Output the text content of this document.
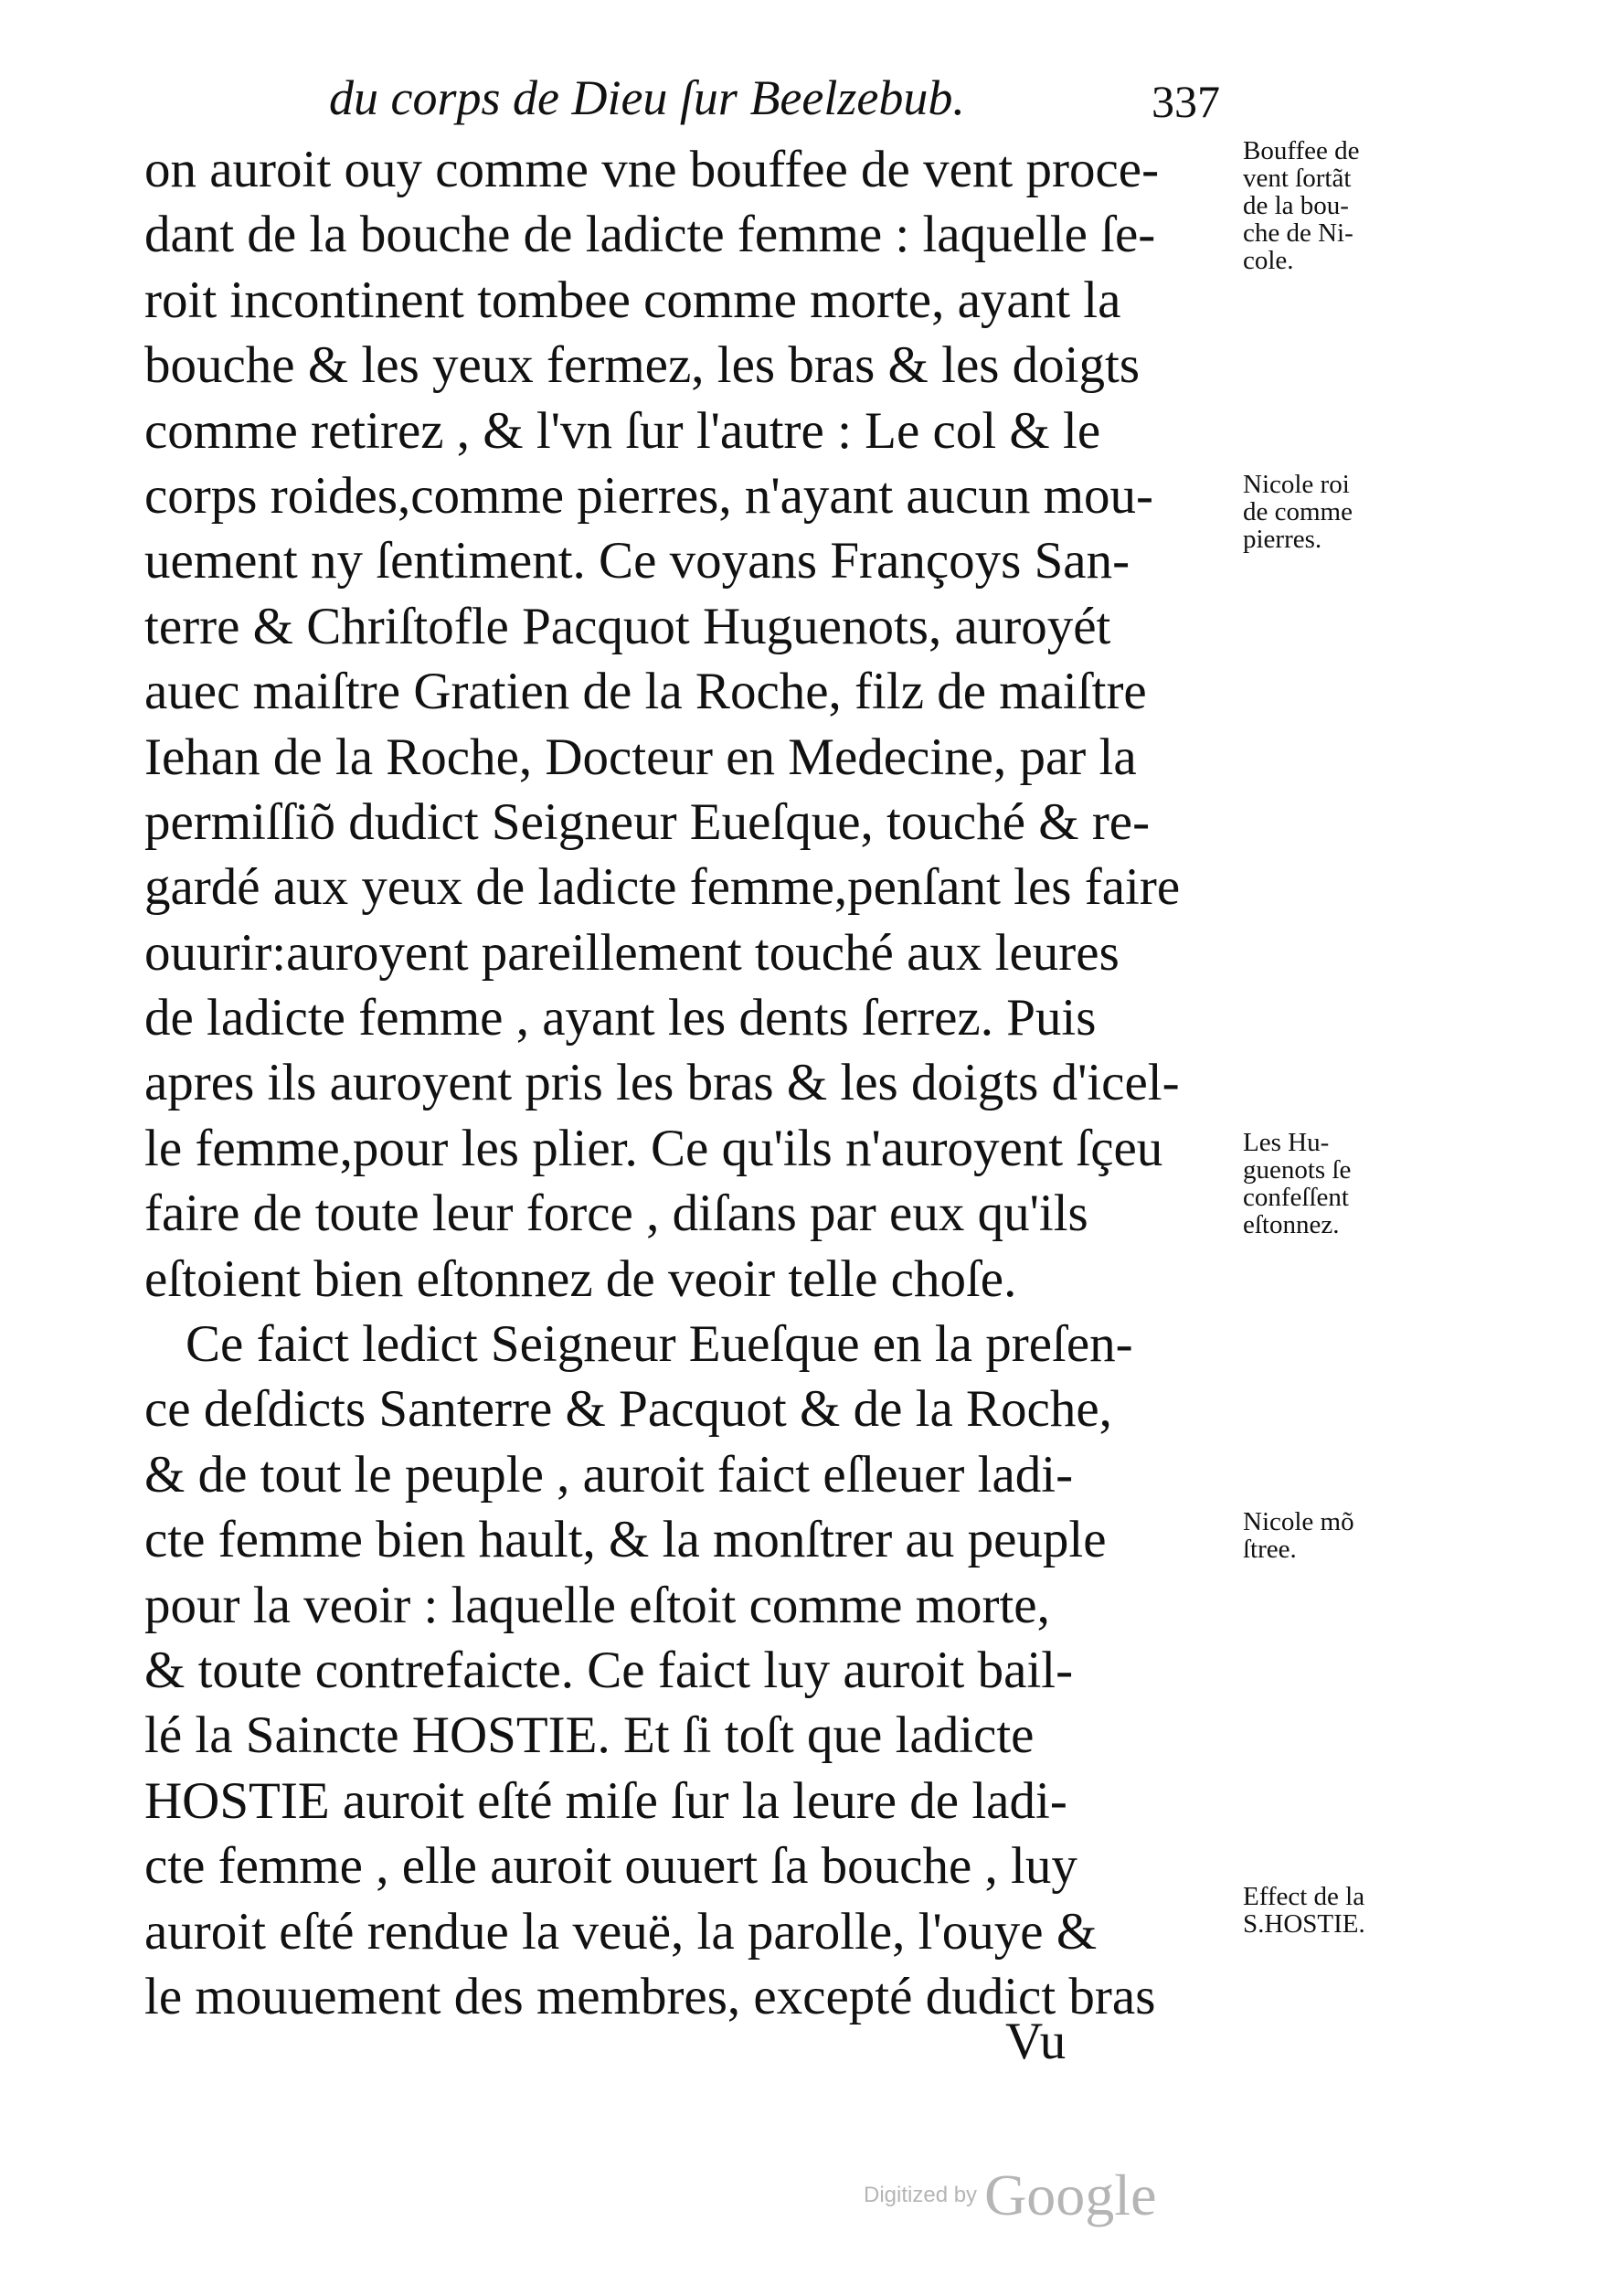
du corps de Dieu ſur Beelzebub.	337
on auroit ouy comme vne bouffee de vent proce-
dant de la bouche de ladicte femme : laquelle ſe-
roit incontinent tombee comme morte, ayant la
bouche & les yeux fermez, les bras & les doigts
comme retirez , & l'vn ſur l'autre : Le col & le
corps roides,comme pierres, n'ayant aucun mou-
uement ny ſentiment. Ce voyans Françoys San-
terre & Chriſtofle Pacquot Huguenots, auroyét
auec maiſtre Gratien de la Roche, filz de maiſtre
Iehan de la Roche, Docteur en Medecine, par la
permiſſiõ dudict Seigneur Eueſque, touché & re-
gardé aux yeux de ladicte femme,penſant les faire
ouurir:auroyent pareillement touché aux leures
de ladicte femme , ayant les dents ſerrez. Puis
apres ils auroyent pris les bras & les doigts d'icel-
le femme,pour les plier. Ce qu'ils n'auroyent ſçeu
faire de toute leur force , diſans par eux qu'ils
eſtoient bien eſtonnez de veoir telle choſe.
Ce faict ledict Seigneur Eueſque en la preſen-
ce deſdicts Santerre & Pacquot & de la Roche,
& de tout le peuple , auroit faict eſleuer ladi-
cte femme bien hault, & la monſtrer au peuple
pour la veoir : laquelle eſtoit comme morte,
& toute contrefaicte. Ce faict luy auroit bail-
lé la Saincte HOSTIE. Et ſi toſt que ladicte
HOSTIE auroit eſté miſe ſur la leure de ladi-
cte femme , elle auroit ouuert ſa bouche , luy
auroit eſté rendue la veuë, la parolle, l'ouye &
le mouuement des membres, excepté dudict bras
Bouffee de
vent ſortãt
de la bou-
che de Ni-
cole.
Nicole roi
de comme
pierres.
Les Hu-
guenots ſe
confeſſent
eſtonnez.
Nicole mõ
ſtree.
Effect de la
S.HOSTIE.
Vu
Digitized by Google
